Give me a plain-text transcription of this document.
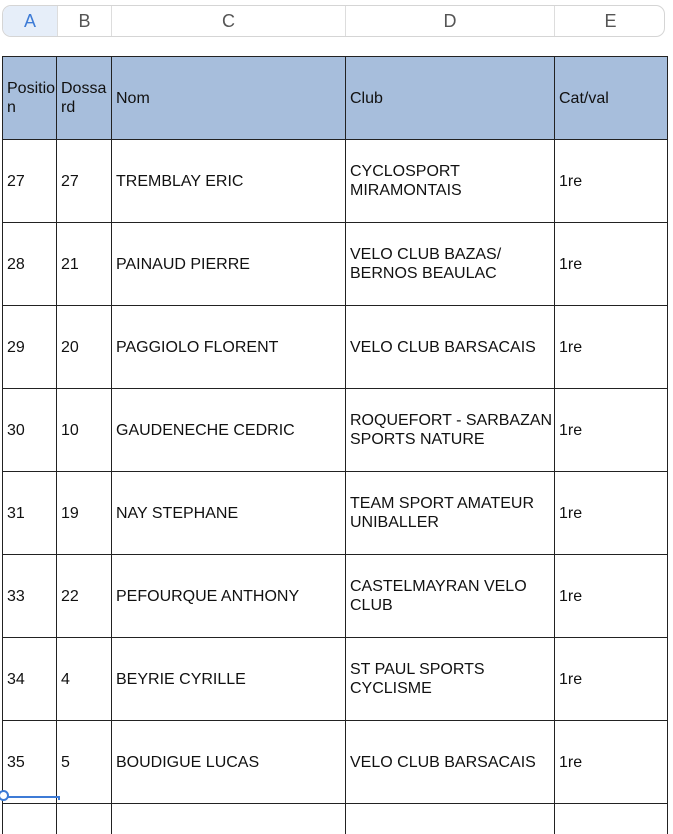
A	B	C	D	E
Position	Dossard	Nom	Club	Cat/val
27	27	TREMBLAY ERIC	CYCLOSPORT MIRAMONTAIS	1re
28	21	PAINAUD PIERRE	VELO CLUB BAZAS/ BERNOS BEAULAC	1re
29	20	PAGGIOLO FLORENT	VELO CLUB BARSACAIS	1re
30	10	GAUDENECHE CEDRIC	ROQUEFORT - SARBAZAN SPORTS NATURE	1re
31	19	NAY STEPHANE	TEAM SPORT AMATEUR UNIBALLER	1re
33	22	PEFOURQUE ANTHONY	CASTELMAYRAN VELO CLUB	1re
34	4	BEYRIE CYRILLE	ST PAUL SPORTS CYCLISME	1re
35	5	BOUDIGUE LUCAS	VELO CLUB BARSACAIS	1re
